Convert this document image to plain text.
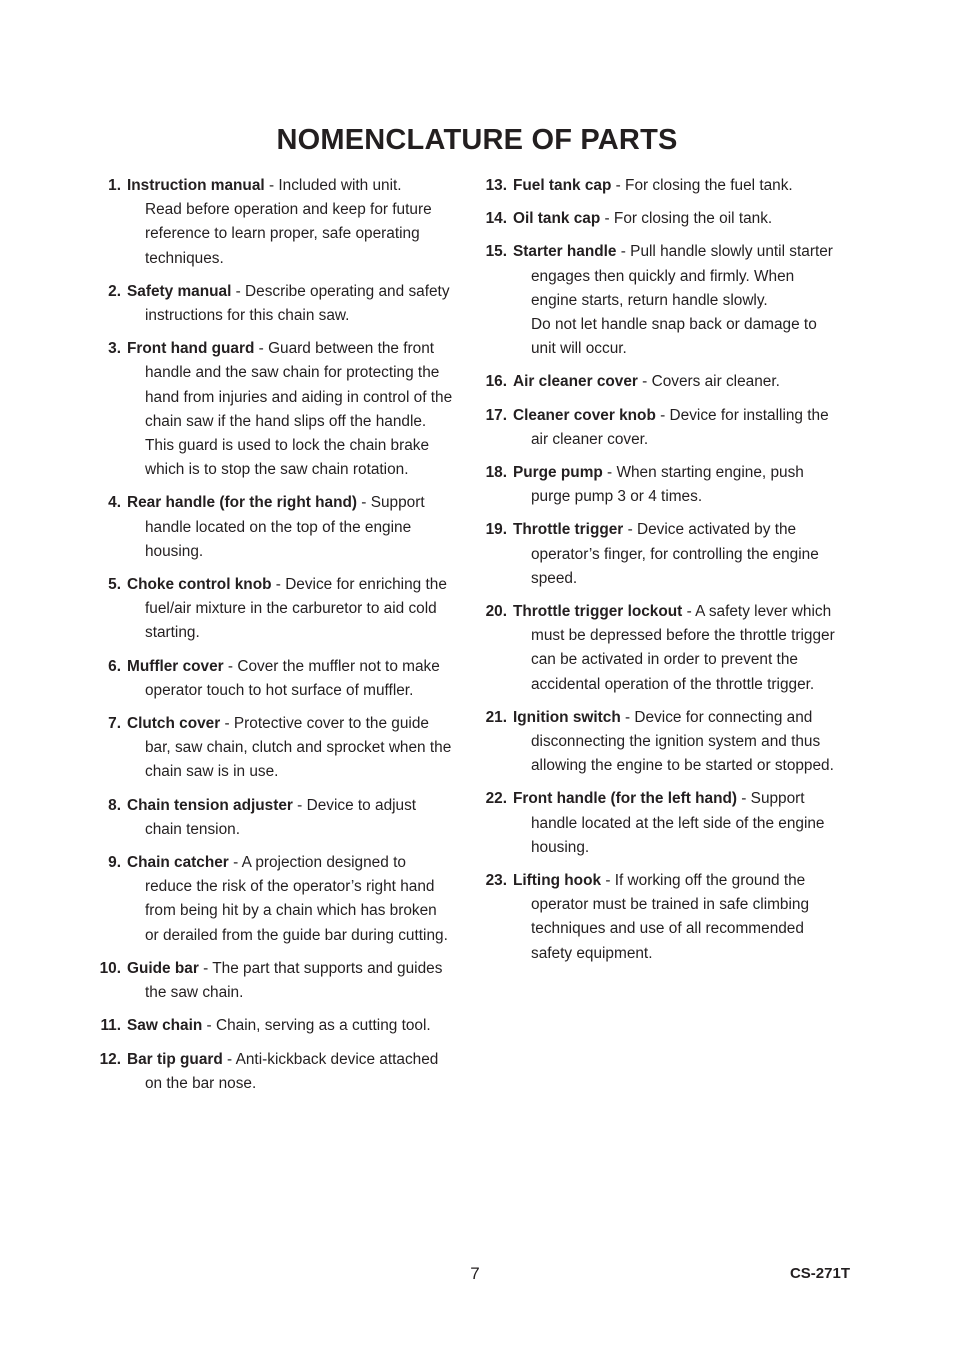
NOMENCLATURE OF PARTS
1. Instruction manual - Included with unit.
Read before operation and keep for future
reference to learn proper, safe operating
techniques.
2. Safety manual - Describe operating and safety
instructions for this chain saw.
3. Front hand guard - Guard between the front
handle and the saw chain for protecting the
hand from injuries and aiding in control of the
chain saw if the hand slips off the handle.
This guard is used to lock the chain brake
which is to stop the saw chain rotation.
4. Rear handle (for the right hand) - Support
handle located on the top of the engine
housing.
5. Choke control knob - Device for enriching the
fuel/air mixture in the carburetor to aid cold
starting.
6. Muffler cover - Cover the muffler not to make
operator touch to hot surface of muffler.
7. Clutch cover - Protective cover to the guide
bar, saw chain, clutch and sprocket when the
chain saw is in use.
8. Chain tension adjuster - Device to adjust
chain tension.
9. Chain catcher - A projection designed to
reduce the risk of the operator’s right hand
from being hit by a chain which has broken
or derailed from the guide bar during cutting.
10. Guide bar - The part that supports and guides
the saw chain.
11. Saw chain - Chain, serving as a cutting tool.
12. Bar tip guard - Anti-kickback device attached
on the bar nose.
13. Fuel tank cap - For closing the fuel tank.
14. Oil tank cap - For closing the oil tank.
15. Starter handle - Pull handle slowly until starter
engages then quickly and firmly. When
engine starts, return handle slowly.
Do not let handle snap back or damage to
unit will occur.
16. Air cleaner cover - Covers air cleaner.
17. Cleaner cover knob - Device for installing the
air cleaner cover.
18. Purge pump - When starting engine, push
purge pump 3 or 4 times.
19. Throttle trigger - Device activated by the
operator’s finger, for controlling the engine
speed.
20. Throttle trigger lockout - A safety lever which
must be depressed before the throttle trigger
can be activated in order to prevent the
accidental operation of the throttle trigger.
21. Ignition switch - Device for connecting and
disconnecting the ignition system and thus
allowing the engine to be started or stopped.
22. Front handle (for the left hand) - Support
handle located at the left side of the engine
housing.
23. Lifting hook - If working off the ground the
operator must be trained in safe climbing
techniques and use of all recommended
safety equipment.
7	CS-271T
